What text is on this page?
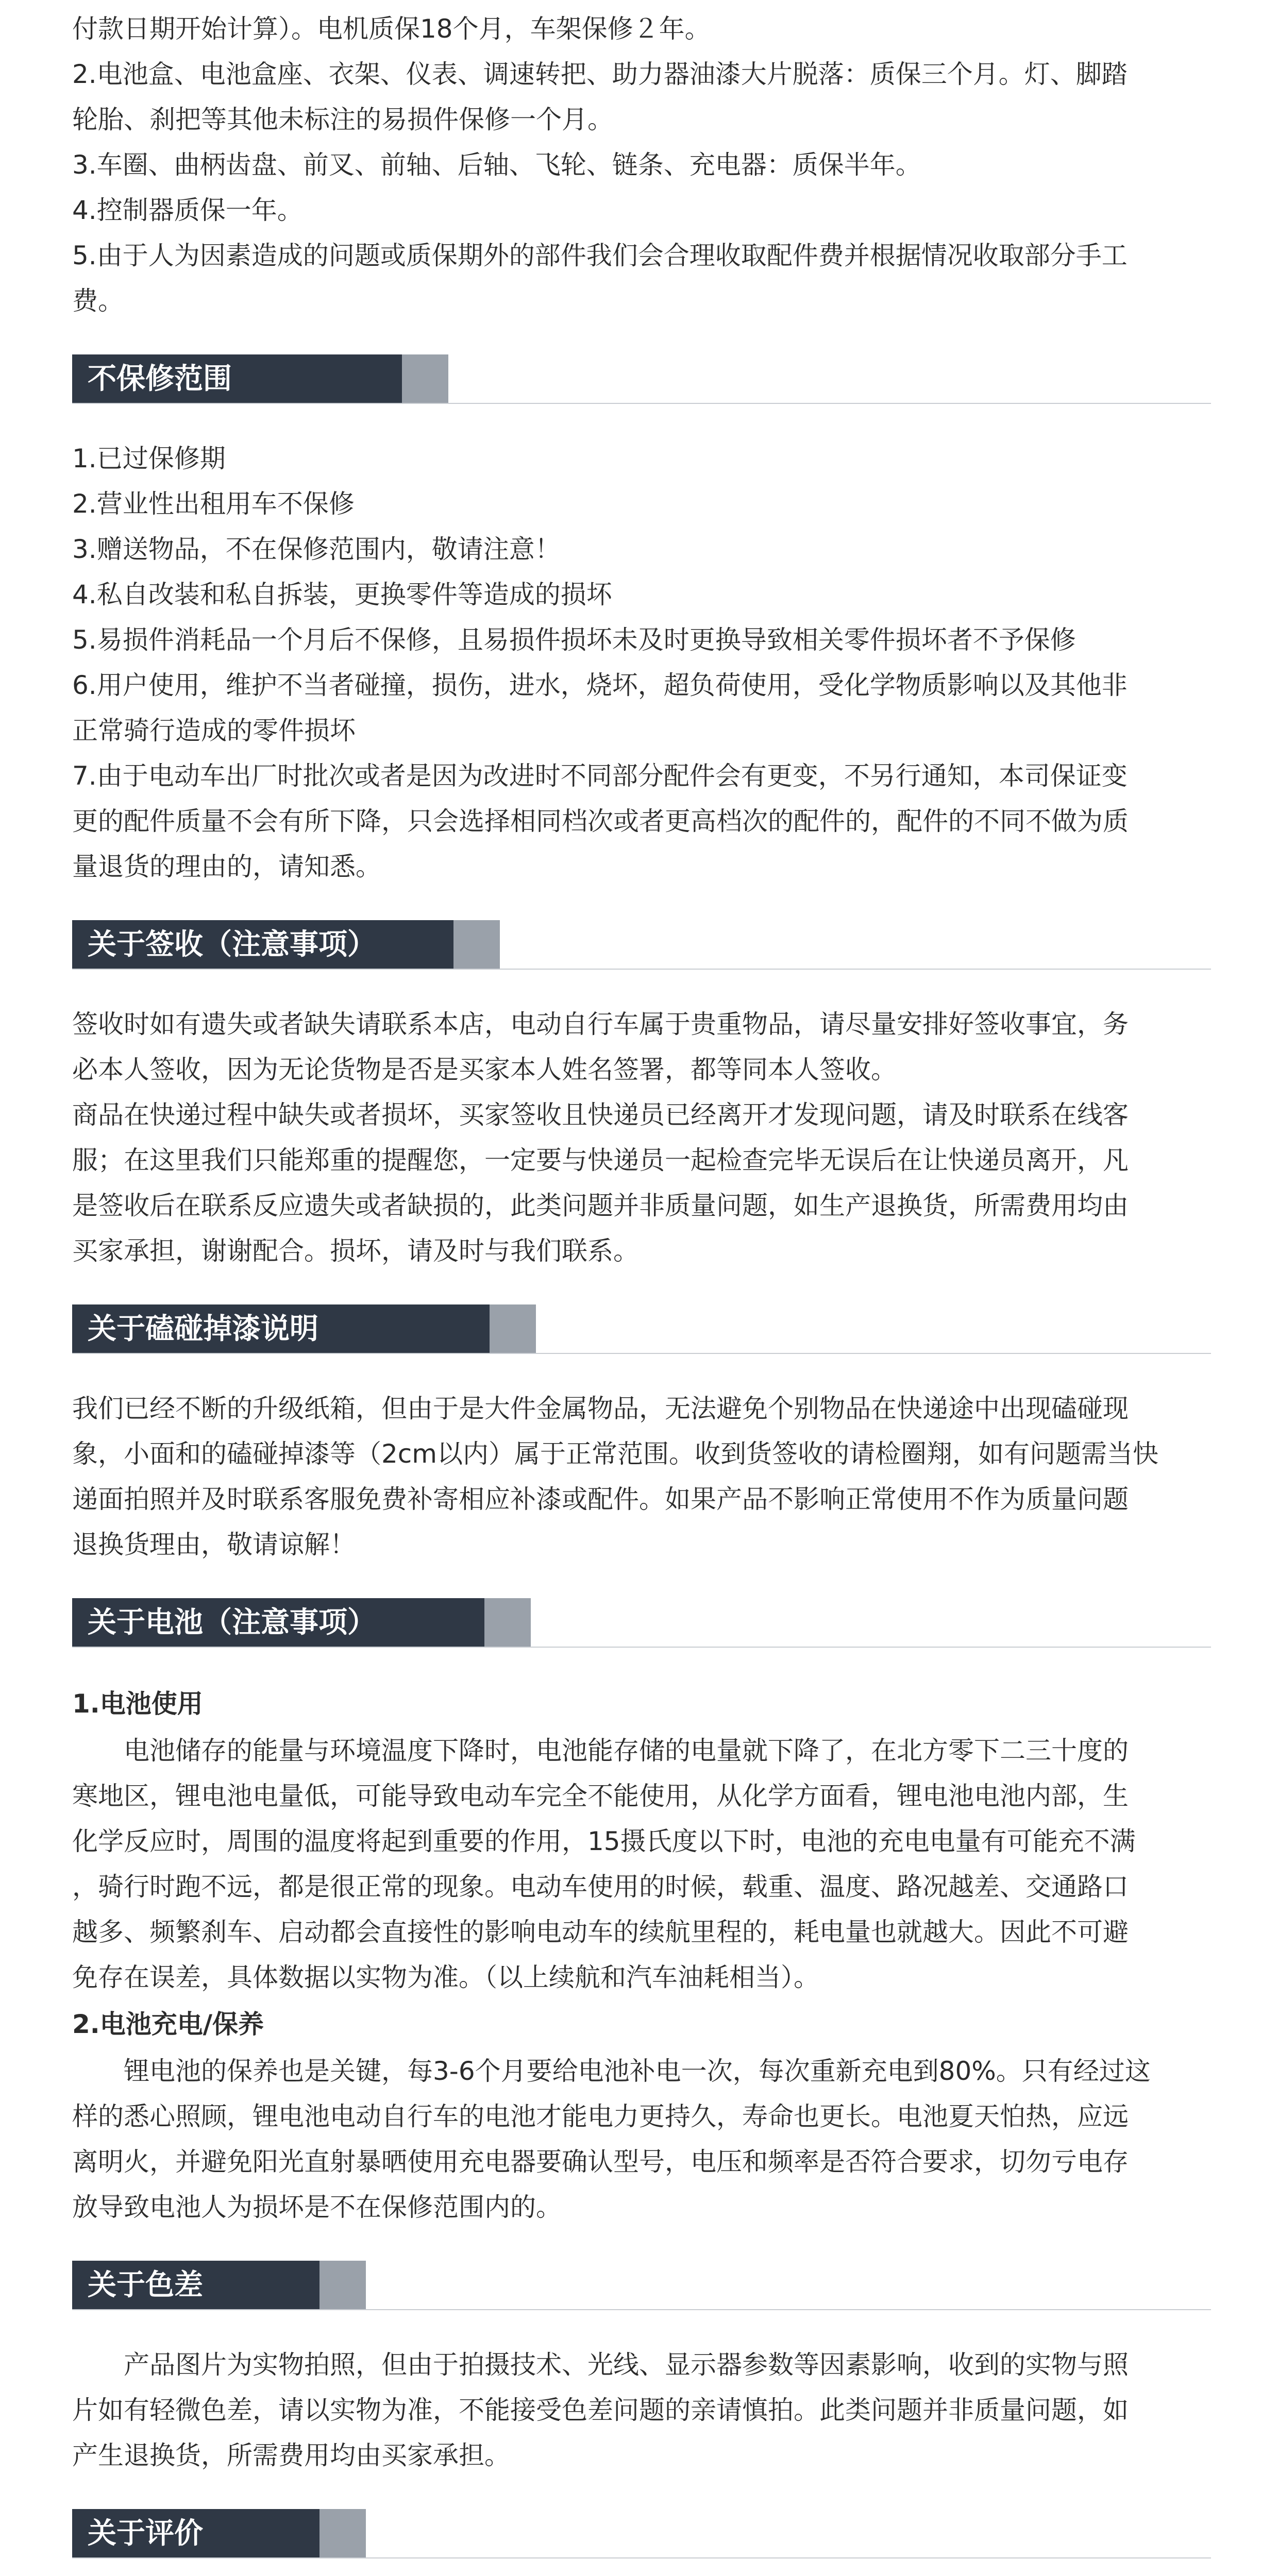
付款日期开始计算）。电机质保18个月，车架保修２年。

2.电池盒、电池盒座、衣架、仪表、调速转把、助力器油漆大片脱落：质保三个月。灯、脚踏

轮胎、刹把等其他未标注的易损件保修一个月。

3.车圈、曲柄齿盘、前叉、前轴、后轴、飞轮、链条、充电器：质保半年。

4.控制器质保一年。

5.由于人为因素造成的问题或质保期外的部件我们会合理收取配件费并根据情况收取部分手工

费。

不保修范围

1.已过保修期

2.营业性出租用车不保修

3.赠送物品，不在保修范围内，敬请注意！

4.私自改装和私自拆装，更换零件等造成的损坏

5.易损件消耗品一个月后不保修，且易损件损坏未及时更换导致相关零件损坏者不予保修

6.用户使用，维护不当者碰撞，损伤，进水，烧坏，超负荷使用，受化学物质影响以及其他非

正常骑行造成的零件损坏

7.由于电动车出厂时批次或者是因为改进时不同部分配件会有更变，不另行通知，本司保证变

更的配件质量不会有所下降，只会选择相同档次或者更高档次的配件的，配件的不同不做为质

量退货的理由的，请知悉。

关于签收（注意事项）

签收时如有遗失或者缺失请联系本店，电动自行车属于贵重物品，请尽量安排好签收事宜，务

必本人签收，因为无论货物是否是买家本人姓名签署，都等同本人签收。

商品在快递过程中缺失或者损坏，买家签收且快递员已经离开才发现问题，请及时联系在线客

服；在这里我们只能郑重的提醒您，一定要与快递员一起检查完毕无误后在让快递员离开，凡

是签收后在联系反应遗失或者缺损的，此类问题并非质量问题，如生产退换货，所需费用均由

买家承担，谢谢配合。损坏，请及时与我们联系。

关于磕碰掉漆说明

我们已经不断的升级纸箱，但由于是大件金属物品，无法避免个别物品在快递途中出现磕碰现

象，小面和的磕碰掉漆等（2cm以内）属于正常范围。收到货签收的请检圈翔，如有问题需当快

递面拍照并及时联系客服免费补寄相应补漆或配件。如果产品不影响正常使用不作为质量问题

退换货理由，敬请谅解！

关于电池（注意事项）

1.电池使用

电池储存的能量与环境温度下降时，电池能存储的电量就下降了，在北方零下二三十度的

寒地区，锂电池电量低，可能导致电动车完全不能使用，从化学方面看，锂电池电池内部，生

化学反应时，周围的温度将起到重要的作用，15摄氏度以下时，电池的充电电量有可能充不满

，骑行时跑不远，都是很正常的现象。电动车使用的时候，载重、温度、路况越差、交通路口

越多、频繁刹车、启动都会直接性的影响电动车的续航里程的，耗电量也就越大。因此不可避

免存在误差，具体数据以实物为准。（以上续航和汽车油耗相当）。

2.电池充电/保养

锂电池的保养也是关键，每3-6个月要给电池补电一次，每次重新充电到80%。只有经过这

样的悉心照顾，锂电池电动自行车的电池才能电力更持久，寿命也更长。电池夏天怕热，应远

离明火，并避免阳光直射暴晒使用充电器要确认型号，电压和频率是否符合要求，切勿亏电存

放导致电池人为损坏是不在保修范围内的。

关于色差

产品图片为实物拍照，但由于拍摄技术、光线、显示器参数等因素影响，收到的实物与照

片如有轻微色差，请以实物为准，不能接受色差问题的亲请慎拍。此类问题并非质量问题，如

产生退换货，所需费用均由买家承担。

关于评价
